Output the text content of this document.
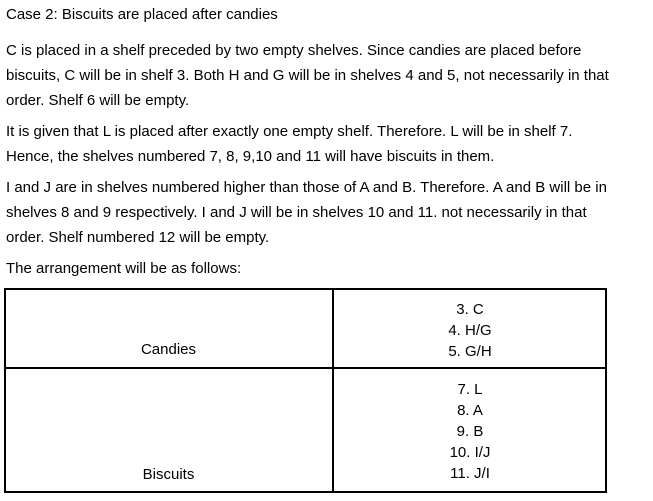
Case 2: Biscuits are placed after candies

C is placed in a shelf preceded by two empty shelves. Since candies are placed before
biscuits, C will be in shelf 3. Both H and G will be in shelves 4 and 5, not necessarily in that
order. Shelf 6 will be empty.

It is given that L is placed after exactly one empty shelf. Therefore. L will be in shelf 7.
Hence, the shelves numbered 7, 8, 9,10 and 11 will have biscuits in them.

I and J are in shelves numbered higher than those of A and B. Therefore. A and B will be in
shelves 8 and 9 respectively. I and J will be in shelves 10 and 11. not necessarily in that
order. Shelf numbered 12 will be empty.

The arrangement will be as follows:

Candies
3. C
4. H/G
5. G/H
Biscuits
7. L
8. A
9. B
10. I/J
11. J/I
